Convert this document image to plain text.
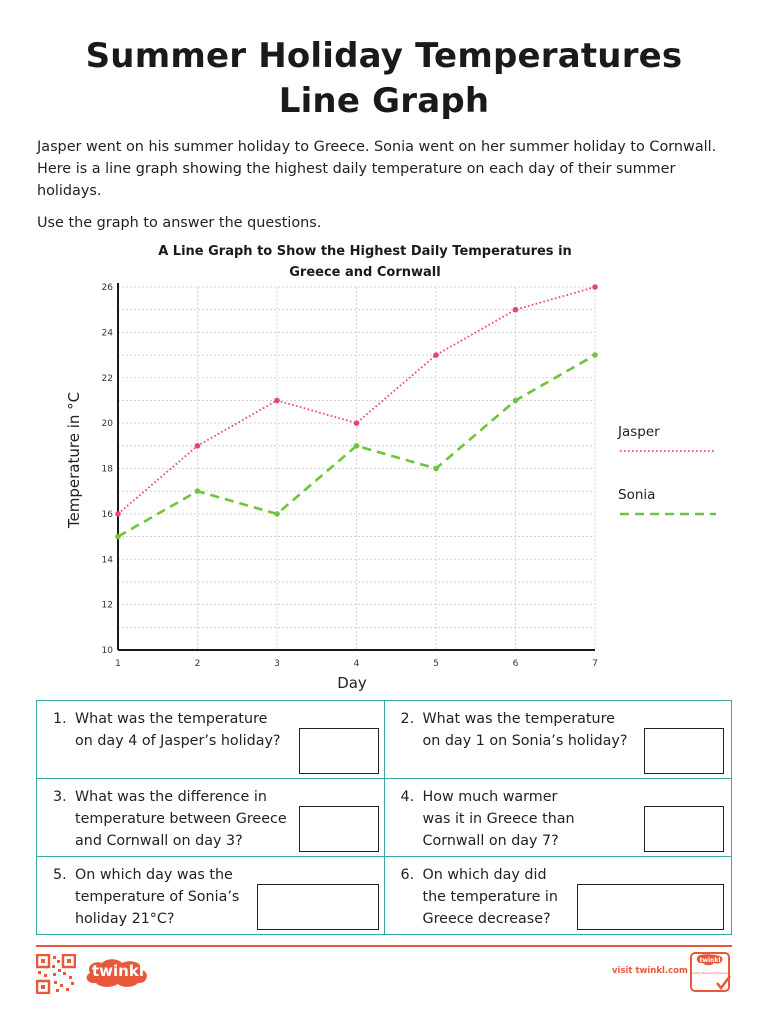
Summer Holiday Temperatures
Line Graph
Jasper went on his summer holiday to Greece. Sonia went on her summer holiday to Cornwall. Here is a line graph showing the highest daily temperature on each day of their summer holidays.
Use the graph to answer the questions.
A Line Graph to Show the Highest Daily Temperatures in
Greece and Cornwall
10
12
14
16
18
20
22
24
26
1	2	3	4	5	6	7
Jasper
Sonia
Day
Temperature in °C
1. What was the temperature
on day 4 of Jasper’s holiday?	2. What was the temperature
on day 1 on Sonia’s holiday?

3. What was the difference in
temperature between Greece
and Cornwall on day 3?	4. How much warmer
was it in Greece than
Cornwall on day 7?

5. On which day was the
temperature of Sonia’s
holiday 21°C?	6. On which day did
the temperature in
Greece decrease?
twinkl	visit twinkl.com
twinkl
Quality Standard Approved
